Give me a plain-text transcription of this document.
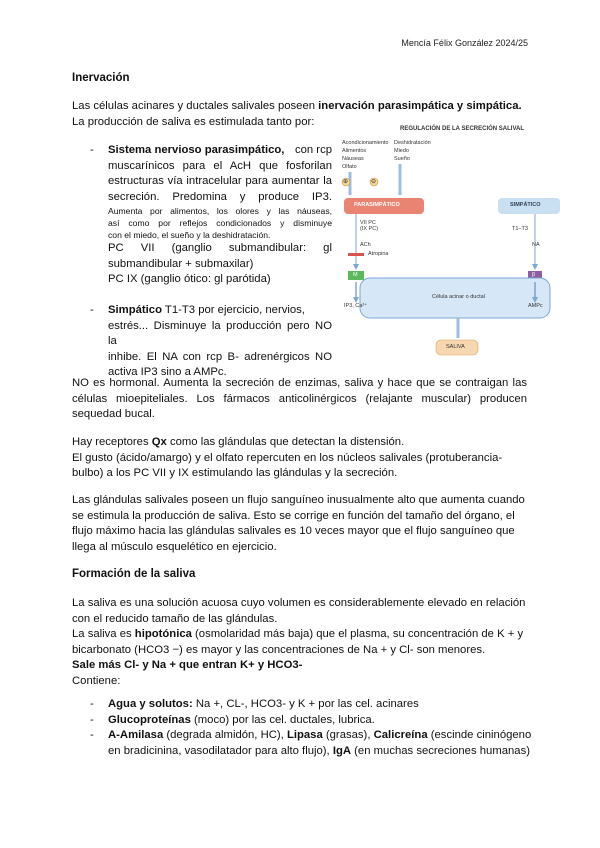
Mencía Félix González 2024/25
Inervación
Las células acinares y ductales salivales poseen inervación parasimpática y simpática.
La producción de saliva es estimulada tanto por:
- Sistema nervioso parasimpático, con rcp
muscarínicos para el AcH que fosforilan
estructuras vía intracelular para aumentar la
secreción. Predomina y produce IP3.
Aumenta por alimentos, los olores y las náuseas,
así como por reflejos condicionados y disminuye
con el miedo, el sueño y la deshidratación.
PC VII (ganglio submandibular: gl
submandibular + submaxilar)
PC IX (ganglio ótico: gl parótida)
- Simpático T1-T3 por ejercicio, nervios,
estrés... Disminuye la producción pero NO la
inhibe. El NA con rcp B- adrenérgicos NO
activa IP3 sino a AMPc.
REGULACIÓN DE LA SECRECIÓN SALIVAL
Acondicionamiento
Alimentos
Náuseas
Olfato
Deshidratación
Miedo
Sueño
⊕	⊖
PARASIMPÁTICO	SIMPÁTICO
VII PC
(IX PC)	T1–T3
ACh	NA
Atropina
M	β
Célula acinar o ductal
IP3, Ca²⁺	AMPc
SALIVA
NO es hormonal. Aumenta la secreción de enzimas, saliva y hace que se contraigan las células mioepiteliales. Los fármacos anticolinérgicos (relajante muscular) producen sequedad bucal.
Hay receptores Qx como las glándulas que detectan la distensión.
El gusto (ácido/amargo) y el olfato repercuten en los núcleos salivales (protuberancia-bulbo) a los PC VII y IX estimulando las glándulas y la secreción.
Las glándulas salivales poseen un flujo sanguíneo inusualmente alto que aumenta cuando se estimula la producción de saliva. Esto se corrige en función del tamaño del órgano, el flujo máximo hacia las glándulas salivales es 10 veces mayor que el flujo sanguíneo que llega al músculo esquelético en ejercicio.
Formación de la saliva
La saliva es una solución acuosa cuyo volumen es considerablemente elevado en relación con el reducido tamaño de las glándulas.
La saliva es hipotónica (osmolaridad más baja) que el plasma, su concentración de K + y bicarbonato (HCO3 −) es mayor y las concentraciones de Na + y Cl- son menores.
Sale más Cl- y Na + que entran K+ y HCO3-
Contiene:
- Agua y solutos: Na +, CL-, HCO3- y K + por las cel. acinares
- Glucoproteínas (moco) por las cel. ductales, lubrica.
- A-Amilasa (degrada almidón, HC), Lipasa (grasas), Calicreína (escinde cininógeno en bradicinina, vasodilatador para alto flujo), IgA (en muchas secreciones humanas)
